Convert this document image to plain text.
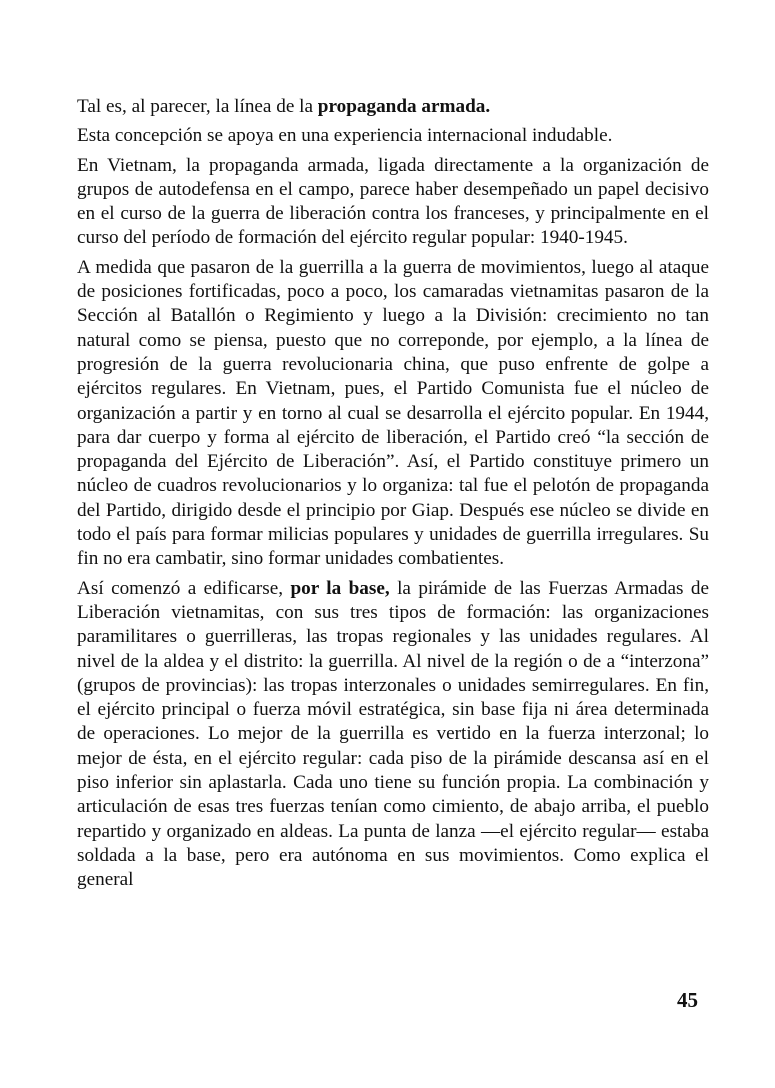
Tal es, al parecer, la línea de la propaganda armada.

Esta concepción se apoya en una experiencia internacional indudable.

En Vietnam, la propaganda armada, ligada directamente a la organización de grupos de autodefensa en el campo, parece haber desempeñado un papel decisivo en el curso de la guerra de liberación contra los franceses, y principalmente en el curso del período de formación del ejército regular popular: 1940-1945.

A medida que pasaron de la guerrilla a la guerra de movimientos, luego al ataque de posiciones fortificadas, poco a poco, los camaradas vietnamitas pasaron de la Sección al Batallón o Regimiento y luego a la División: crecimiento no tan natural como se piensa, puesto que no correponde, por ejemplo, a la línea de progresión de la guerra revolucionaria china, que puso enfrente de golpe a ejércitos regulares. En Vietnam, pues, el Partido Comunista fue el núcleo de organización a partir y en torno al cual se desarrolla el ejército popular. En 1944, para dar cuerpo y forma al ejército de liberación, el Partido creó “la sección de propaganda del Ejército de Liberación”. Así, el Partido constituye primero un núcleo de cuadros revolucionarios y lo organiza: tal fue el pelotón de propaganda del Partido, dirigido desde el principio por Giap. Después ese núcleo se divide en todo el país para formar milicias populares y unidades de guerrilla irregulares. Su fin no era cambatir, sino formar unidades combatientes.

Así comenzó a edificarse, por la base, la pirámide de las Fuerzas Armadas de Liberación vietnamitas, con sus tres tipos de formación: las organizaciones paramilitares o guerrilleras, las tropas regionales y las unidades regulares. Al nivel de la aldea y el distrito: la guerrilla. Al nivel de la región o de a “interzona” (grupos de provincias): las tropas interzonales o unidades semirregulares. En fin, el ejército principal o fuerza móvil estratégica, sin base fija ni área determinada de operaciones. Lo mejor de la guerrilla es vertido en la fuerza interzonal; lo mejor de ésta, en el ejército regular: cada piso de la pirámide descansa así en el piso inferior sin aplastarla. Cada uno tiene su función propia. La combinación y articulación de esas tres fuerzas tenían como cimiento, de abajo arriba, el pueblo repartido y organizado en aldeas. La punta de lanza —el ejército regular— estaba soldada a la base, pero era autónoma en sus movimientos. Como explica el general

45
